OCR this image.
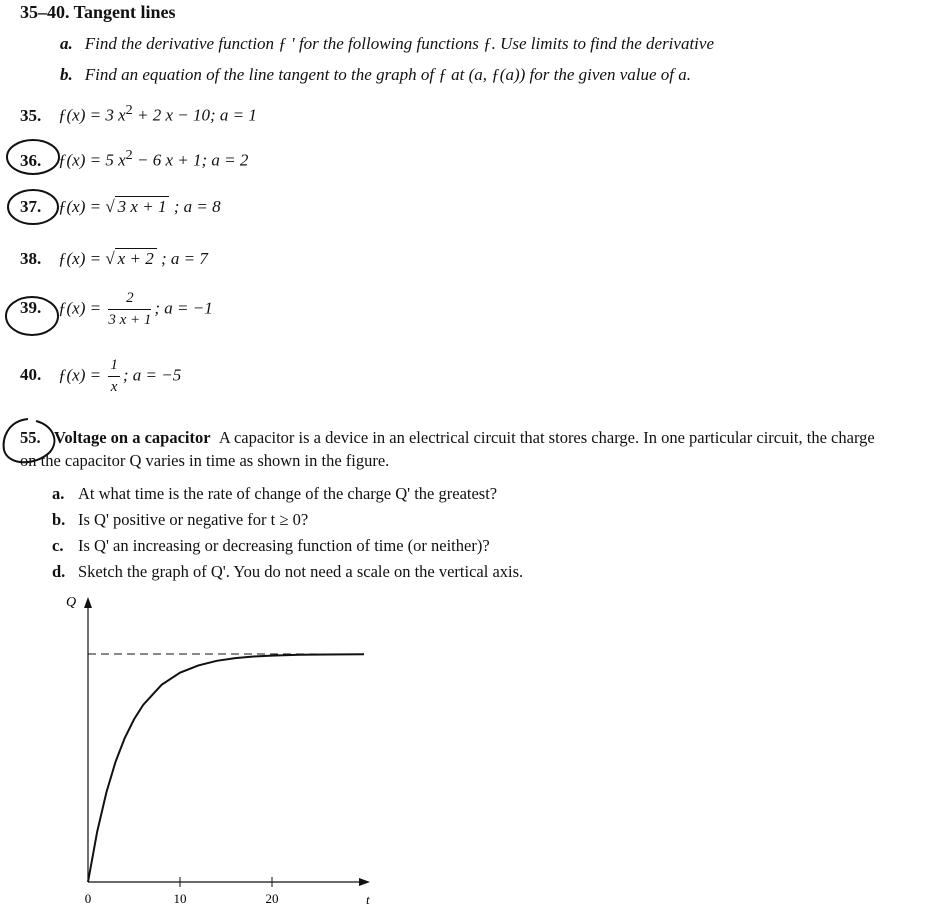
35–40. Tangent lines
a. Find the derivative function ƒ ' for the following functions ƒ. Use limits to find the derivative
b. Find an equation of the line tangent to the graph of ƒ at (a, ƒ(a)) for the given value of a.
35. ƒ(x) = 3 $x^2 + 2$ x − 10; a = 1
36. ƒ(x) = 5 $x^2 - 6$ x + 1; a = 2
37. ƒ(x) = √ 3 x + 1 ; a = 8
38. ƒ(x) = √ x + 2 ; a = 7
39. ƒ(x) = $\frac{2}{3 x + 1}$ ; a = −1
40. ƒ(x) = $\frac{1}{x}$ ; a = −5
55. Voltage on a capacitor A capacitor is a device in an electrical circuit that stores charge. In one particular circuit, the charge on the capacitor Q varies in time as shown in the figure.
a. At what time is the rate of change of the charge Q' the greatest?
b. Is Q' positive or negative for t ≥ 0?
c. Is Q' an increasing or decreasing function of time (or neither)?
d. Sketch the graph of Q'. You do not need a scale on the vertical axis.
Q
t
0	10	20
